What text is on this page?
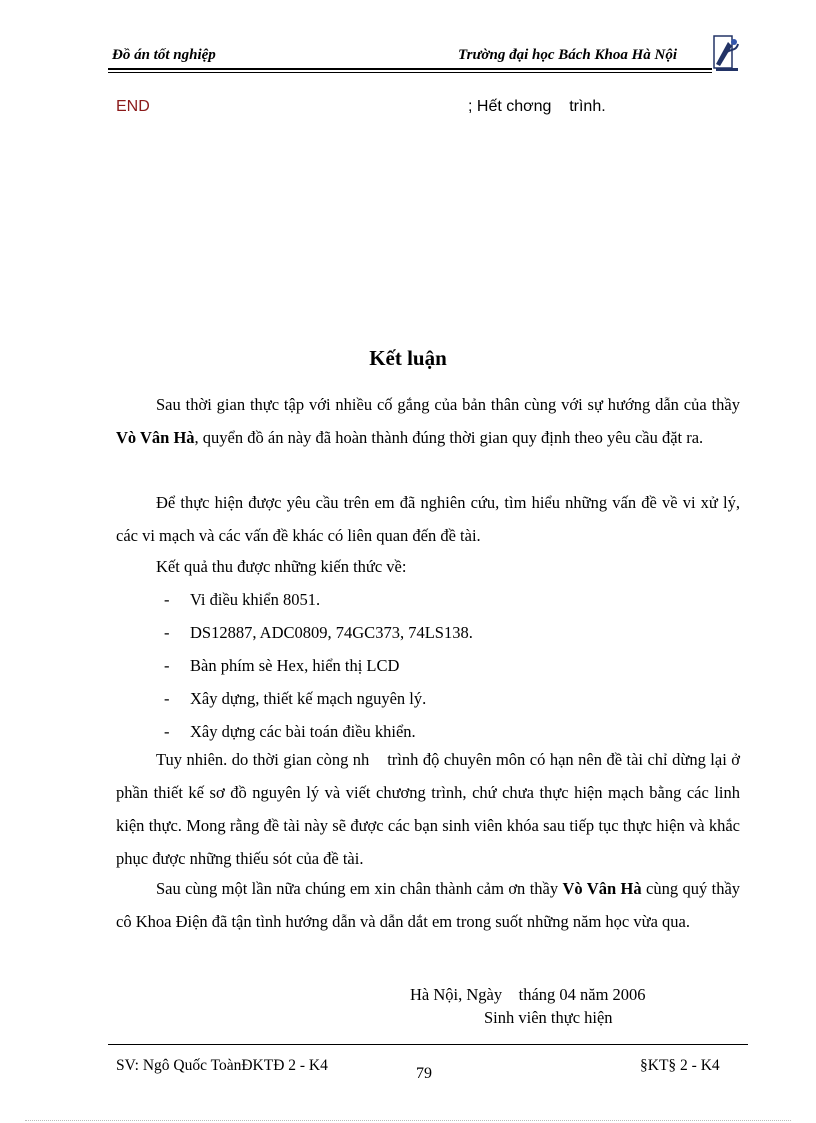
Đồ án tốt nghiệp	Trường đại học Bách Khoa Hà Nội
END	; Hết chơng    trình.
Kết luận

Sau thời gian thực tập với nhiều cố gắng của bản thân cùng với sự hướng dẫn của thầy Vò Vân Hà, quyển đồ án này đã hoàn thành đúng thời gian quy định theo yêu cầu đặt ra.

Để thực hiện được yêu cầu trên em đã nghiên cứu, tìm hiểu những vấn đề về vi xử lý, các vi mạch và các vấn đề khác có liên quan đến đề tài.

Kết quả thu được những kiến thức về:

- Vi điều khiển 8051.
- DS12887, ADC0809, 74GC373, 74LS138.
- Bàn phím sè Hex, hiển thị LCD
- Xây dựng, thiết kế mạch nguyên lý.
- Xây dựng các bài toán điều khiển.

Tuy nhiên. do thời gian còng nh    trình độ chuyên môn có hạn nên đề tài chỉ dừng lại ở phần thiết kế sơ đồ nguyên lý và viết chương trình, chứ chưa thực hiện mạch bằng các linh kiện thực. Mong rằng đề tài này sẽ được các bạn sinh viên khóa sau tiếp tục thực hiện và khắc phục được những thiếu sót của đề tài.

Sau cùng một lần nữa chúng em xin chân thành cảm ơn thầy Vò Vân Hà cùng quý thầy cô Khoa Điện đã tận tình hướng dẫn và dẫn dắt em trong suốt những năm học vừa qua.

Hà Nội, Ngày    tháng 04 năm 2006
Sinh viên thực hiện
SV: Ngô Quốc ToànĐKTĐ 2 - K4	79	§KT§ 2 - K4
